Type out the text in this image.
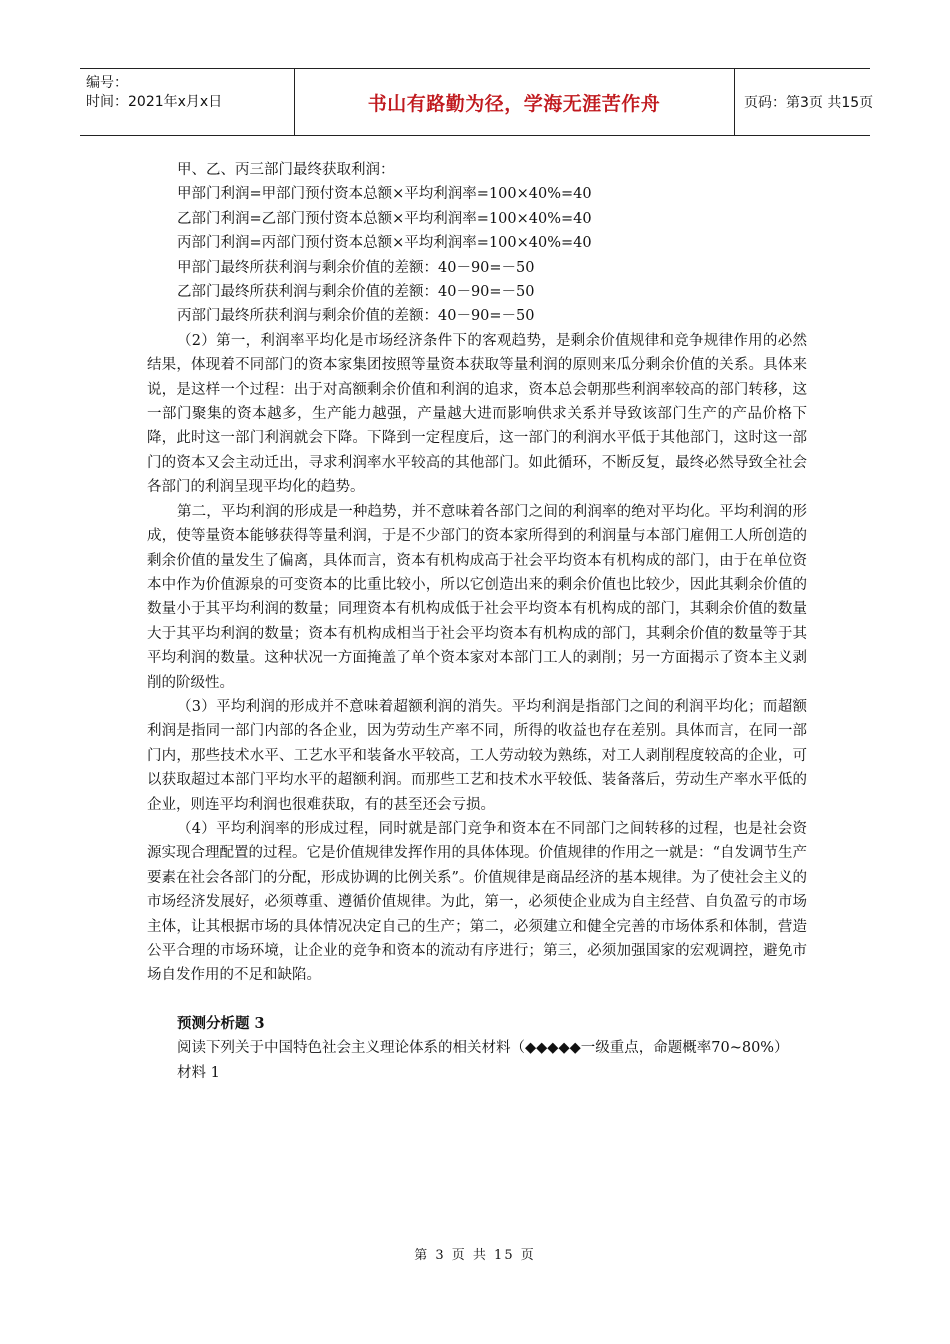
编号：
时间：2021年x月x日	书山有路勤为径，学海无涯苦作舟	页码：第3页 共15页
甲、乙、丙三部门最终获取利润：
甲部门利润=甲部门预付资本总额×平均利润率=100×40%=40
乙部门利润=乙部门预付资本总额×平均利润率=100×40%=40
丙部门利润=丙部门预付资本总额×平均利润率=100×40%=40
甲部门最终所获利润与剩余价值的差额：40－90=－50
乙部门最终所获利润与剩余价值的差额：40－90=－50
丙部门最终所获利润与剩余价值的差额：40－90=－50

（2）第一，利润率平均化是市场经济条件下的客观趋势，是剩余价值规律和竞争规律作用的必然结果，体现着不同部门的资本家集团按照等量资本获取等量利润的原则来瓜分剩余价值的关系。具体来说，是这样一个过程：出于对高额剩余价值和利润的追求，资本总会朝那些利润率较高的部门转移，这一部门聚集的资本越多，生产能力越强，产量越大进而影响供求关系并导致该部门生产的产品价格下降，此时这一部门利润就会下降。下降到一定程度后，这一部门的利润水平低于其他部门，这时这一部门的资本又会主动迁出，寻求利润率水平较高的其他部门。如此循环，不断反复，最终必然导致全社会各部门的利润呈现平均化的趋势。

第二，平均利润的形成是一种趋势，并不意味着各部门之间的利润率的绝对平均化。平均利润的形成，使等量资本能够获得等量利润，于是不少部门的资本家所得到的利润量与本部门雇佣工人所创造的剩余价值的量发生了偏离，具体而言，资本有机构成高于社会平均资本有机构成的部门，由于在单位资本中作为价值源泉的可变资本的比重比较小，所以它创造出来的剩余价值也比较少，因此其剩余价值的数量小于其平均利润的数量；同理资本有机构成低于社会平均资本有机构成的部门，其剩余价值的数量大于其平均利润的数量；资本有机构成相当于社会平均资本有机构成的部门，其剩余价值的数量等于其平均利润的数量。这种状况一方面掩盖了单个资本家对本部门工人的剥削；另一方面揭示了资本主义剥削的阶级性。

（3）平均利润的形成并不意味着超额利润的消失。平均利润是指部门之间的利润平均化；而超额利润是指同一部门内部的各企业，因为劳动生产率不同，所得的收益也存在差别。具体而言，在同一部门内，那些技术水平、工艺水平和装备水平较高，工人劳动较为熟练，对工人剥削程度较高的企业，可以获取超过本部门平均水平的超额利润。而那些工艺和技术水平较低、装备落后，劳动生产率水平低的企业，则连平均利润也很难获取，有的甚至还会亏损。

（4）平均利润率的形成过程，同时就是部门竞争和资本在不同部门之间转移的过程，也是社会资源实现合理配置的过程。它是价值规律发挥作用的具体体现。价值规律的作用之一就是：“自发调节生产要素在社会各部门的分配，形成协调的比例关系”。价值规律是商品经济的基本规律。为了使社会主义的市场经济发展好，必须尊重、遵循价值规律。为此，第一，必须使企业成为自主经营、自负盈亏的市场主体，让其根据市场的具体情况决定自己的生产；第二，必须建立和健全完善的市场体系和体制，营造公平合理的市场环境，让企业的竞争和资本的流动有序进行；第三，必须加强国家的宏观调控，避免市场自发作用的不足和缺陷。

预测分析题 3

阅读下列关于中国特色社会主义理论体系的相关材料（◆◆◆◆◆一级重点，命题概率70~80%）

材料 1
第 3 页 共 15 页
